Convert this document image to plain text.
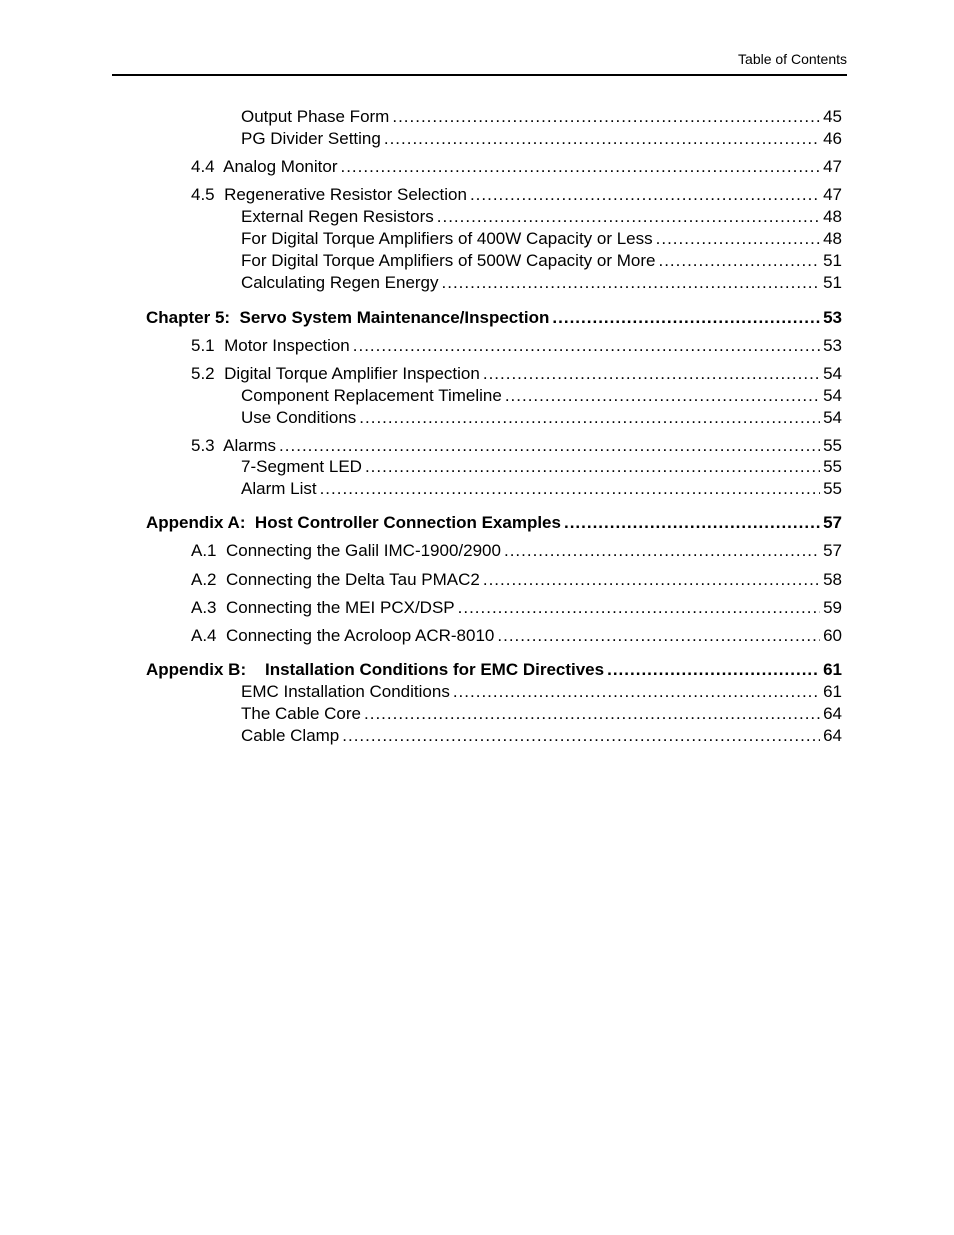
Table of Contents
Output Phase Form .....	45
PG Divider Setting .....	46
4.4  Analog Monitor .....	47
4.5  Regenerative Resistor Selection .....	47
External Regen Resistors .....	48
For Digital Torque Amplifiers of 400W Capacity or Less .....	48
For Digital Torque Amplifiers of 500W Capacity or More .....	51
Calculating Regen Energy .....	51
Chapter 5:  Servo System Maintenance/Inspection .....	53
5.1  Motor Inspection .....	53
5.2  Digital Torque Amplifier Inspection .....	54
Component Replacement Timeline .....	54
Use Conditions .....	54
5.3  Alarms .....	55
7-Segment LED .....	55
Alarm List .....	55
Appendix A:  Host Controller Connection Examples .....	57
A.1  Connecting the Galil IMC-1900/2900 .....	57
A.2  Connecting the Delta Tau PMAC2 .....	58
A.3  Connecting the MEI PCX/DSP .....	59
A.4  Connecting the Acroloop ACR-8010 .....	60
Appendix B:    Installation Conditions for EMC Directives .....	61
EMC Installation Conditions .....	61
The Cable Core .....	64
Cable Clamp .....	64
